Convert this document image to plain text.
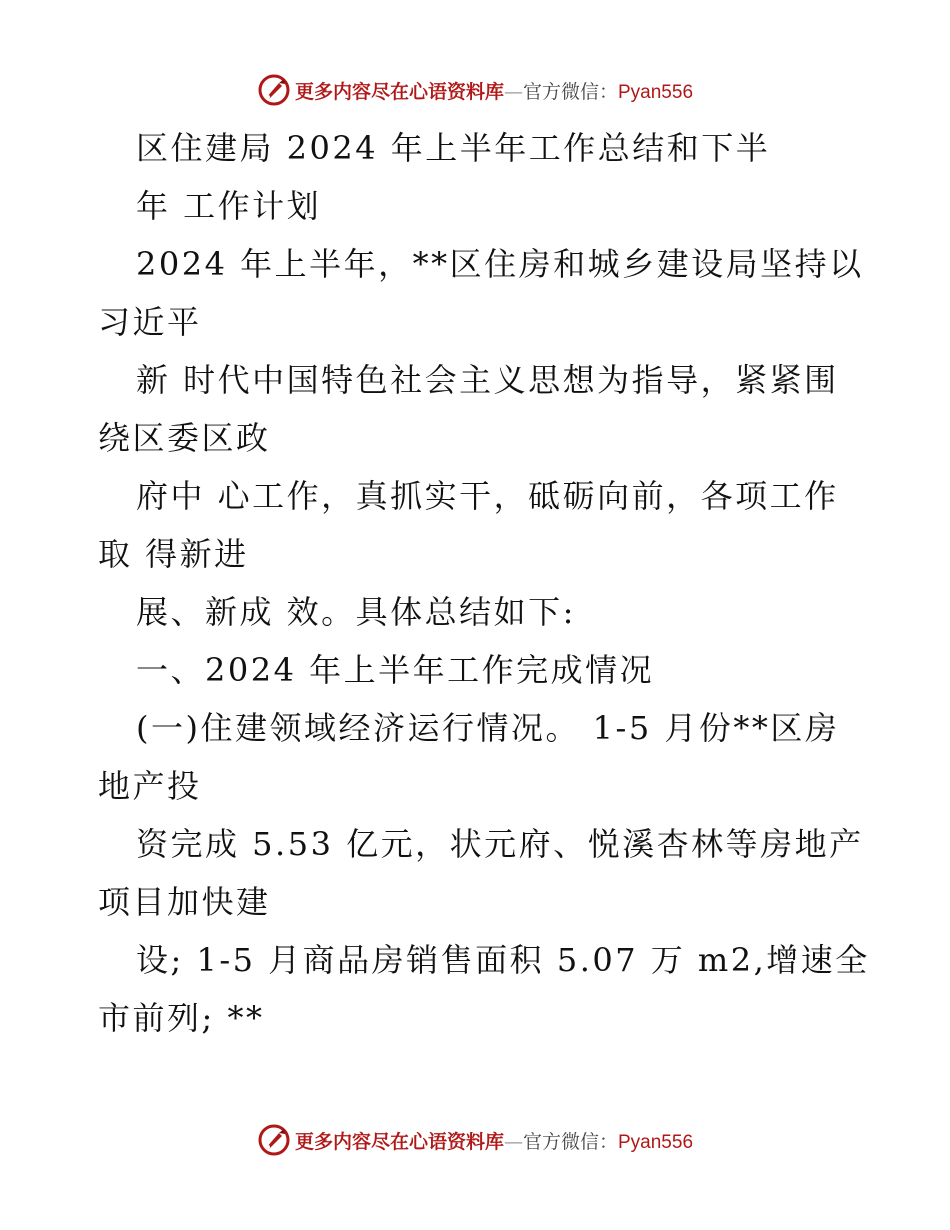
更多内容尽在心语资料库—官方微信：Pyan556
区住建局 2024 年上半年工作总结和下半
年 工作计划
2024 年上半年，**区住房和城乡建设局坚持以
习近平
新 时代中国特色社会主义思想为指导，紧紧围
绕区委区政
府中 心工作，真抓实干，砥砺向前，各项工作
取 得新进
展、新成 效。具体总结如下:
一、2024 年上半年工作完成情况
(一)住建领域经济运行情况。 1-5 月份**区房
地产投
资完成 5.53 亿元，状元府、悦溪杏林等房地产
项目加快建
设; 1-5 月商品房销售面积 5.07 万 m2,增速全
市前列; **
更多内容尽在心语资料库—官方微信：Pyan556
